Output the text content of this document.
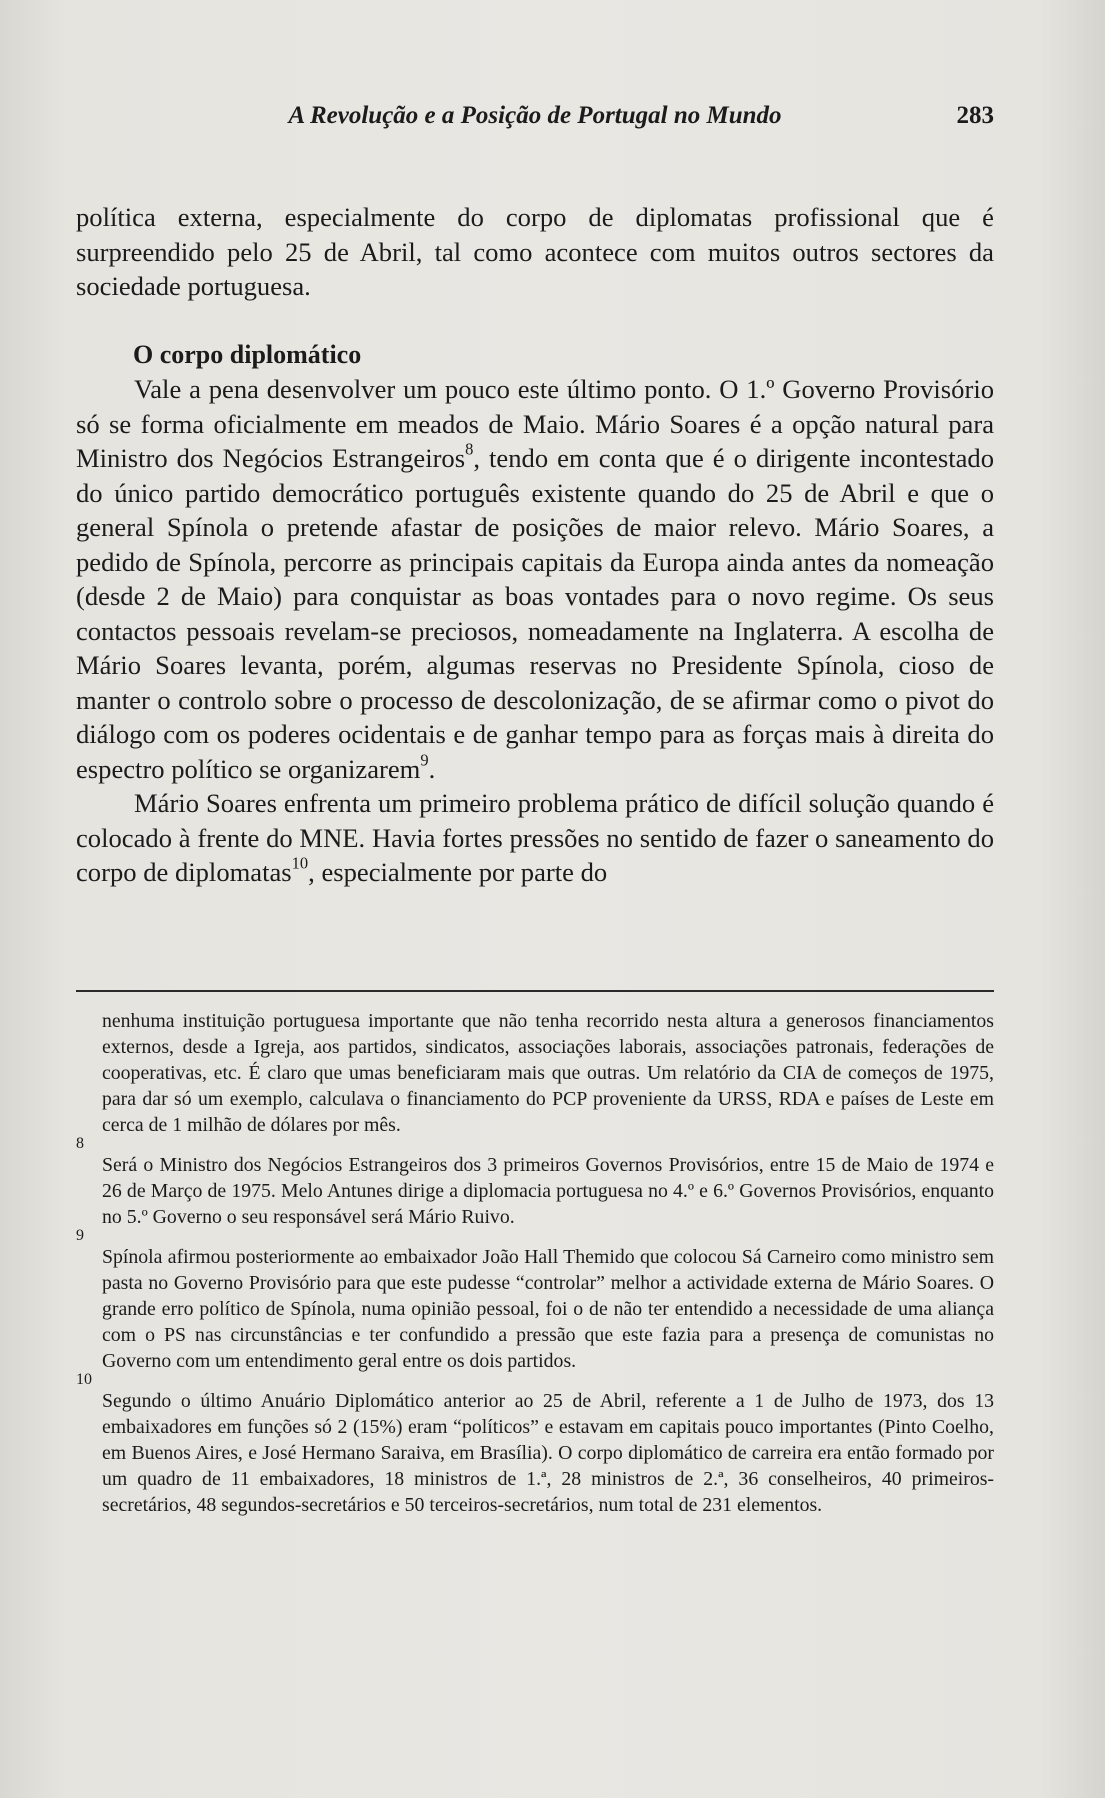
A Revolução e a Posição de Portugal no Mundo	283

política externa, especialmente do corpo de diplomatas profissional que é surpreendido pelo 25 de Abril, tal como acontece com muitos outros sectores da sociedade portuguesa.

O corpo diplomático

Vale a pena desenvolver um pouco este último ponto. O 1.º Governo Provisório só se forma oficialmente em meados de Maio. Mário Soares é a opção natural para Ministro dos Negócios Estrangeiros$^8$, tendo em conta que é o dirigente incontestado do único partido democrático português existente quando do 25 de Abril e que o general Spínola o pretende afastar de posições de maior relevo. Mário Soares, a pedido de Spínola, percorre as principais capitais da Europa ainda antes da nomeação (desde 2 de Maio) para conquistar as boas vontades para o novo regime. Os seus contactos pessoais revelam-se preciosos, nomeadamente na Inglaterra. A escolha de Mário Soares levanta, porém, algumas reservas no Presidente Spínola, cioso de manter o controlo sobre o processo de descolonização, de se afirmar como o pivot do diálogo com os poderes ocidentais e de ganhar tempo para as forças mais à direita do espectro político se organizarem$^9$.

Mário Soares enfrenta um primeiro problema prático de difícil solução quando é colocado à frente do MNE. Havia fortes pressões no sentido de fazer o saneamento do corpo de diplomatas$^{10}$, especialmente por parte do

nenhuma instituição portuguesa importante que não tenha recorrido nesta altura a generosos financiamentos externos, desde a Igreja, aos partidos, sindicatos, associações laborais, associações patronais, federações de cooperativas, etc. É claro que umas beneficiaram mais que outras. Um relatório da CIA de começos de 1975, para dar só um exemplo, calculava o financiamento do PCP proveniente da URSS, RDA e países de Leste em cerca de 1 milhão de dólares por mês.
8
Será o Ministro dos Negócios Estrangeiros dos 3 primeiros Governos Provisórios, entre 15 de Maio de 1974 e 26 de Março de 1975. Melo Antunes dirige a diplomacia portuguesa no 4.º e 6.º Governos Provisórios, enquanto no 5.º Governo o seu responsável será Mário Ruivo.
9
Spínola afirmou posteriormente ao embaixador João Hall Themido que colocou Sá Carneiro como ministro sem pasta no Governo Provisório para que este pudesse “controlar” melhor a actividade externa de Mário Soares. O grande erro político de Spínola, numa opinião pessoal, foi o de não ter entendido a necessidade de uma aliança com o PS nas circunstâncias e ter confundido a pressão que este fazia para a presença de comunistas no Governo com um entendimento geral entre os dois partidos.
10
Segundo o último Anuário Diplomático anterior ao 25 de Abril, referente a 1 de Julho de 1973, dos 13 embaixadores em funções só 2 (15%) eram “políticos” e estavam em capitais pouco importantes (Pinto Coelho, em Buenos Aires, e José Hermano Saraiva, em Brasília). O corpo diplomático de carreira era então formado por um quadro de 11 embaixadores, 18 ministros de 1.ª, 28 ministros de 2.ª, 36 conselheiros, 40 primeiros-secretários, 48 segundos-secretários e 50 terceiros-secretários, num total de 231 elementos.
